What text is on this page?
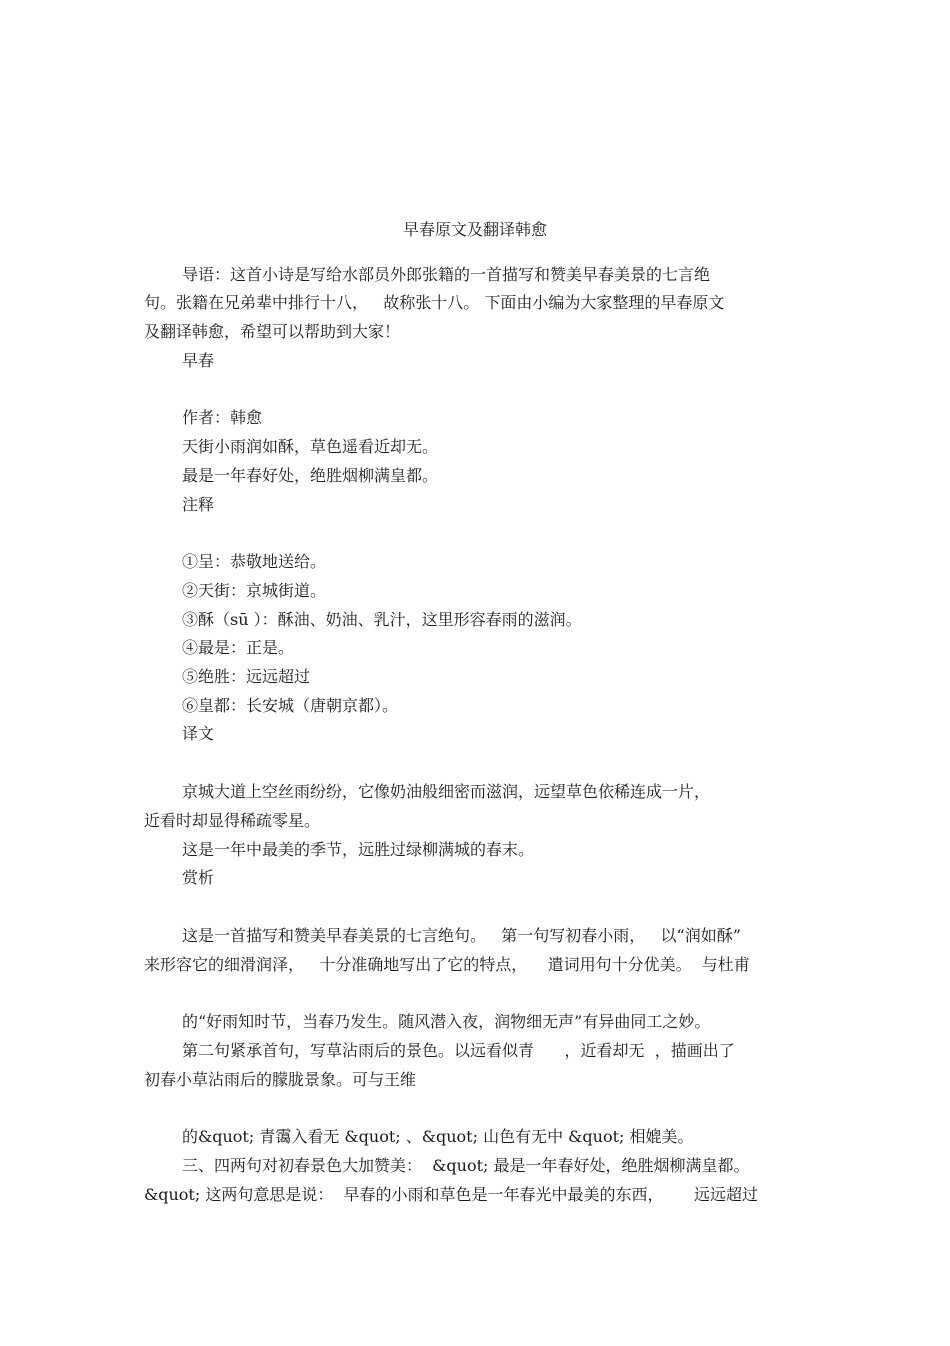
早春原文及翻译韩愈
导语：这首小诗是写给水部员外郎张籍的一首描写和赞美早春美景的七言绝
句。张籍在兄弟辈中排行十八，   故称张十八。 下面由小编为大家整理的早春原文
及翻译韩愈，希望可以帮助到大家！
早春
作者：韩愈
天街小雨润如酥，草色遥看近却无。
最是一年春好处，绝胜烟柳满皇都。
注释
①呈：恭敬地送给。
②天街：京城街道。
③酥（sū ）：酥油、奶油、乳汁，这里形容春雨的滋润。
④最是：正是。
⑤绝胜：远远超过
⑥皇都：长安城（唐朝京都）。
译文
京城大道上空丝雨纷纷，它像奶油般细密而滋润，远望草色依稀连成一片，
近看时却显得稀疏零星。
这是一年中最美的季节，远胜过绿柳满城的春末。
赏析
这是一首描写和赞美早春美景的七言绝句。   第一句写初春小雨，   以“润如酥”
来形容它的细滑润泽，   十分准确地写出了它的特点，    遣词用句十分优美。  与杜甫
的“好雨知时节，当春乃发生。随风潜入夜，润物细无声”有异曲同工之妙。
第二句紧承首句，写草沾雨后的景色。以远看似青      ，近看却无  ，描画出了
初春小草沾雨后的朦胧景象。可与王维
的&quot; 青霭入看无 &quot; 、&quot; 山色有无中 &quot; 相媲美。
三、四两句对初春景色大加赞美：  &quot; 最是一年春好处，绝胜烟柳满皇都。
&quot; 这两句意思是说：  早春的小雨和草色是一年春光中最美的东西，      远远超过
